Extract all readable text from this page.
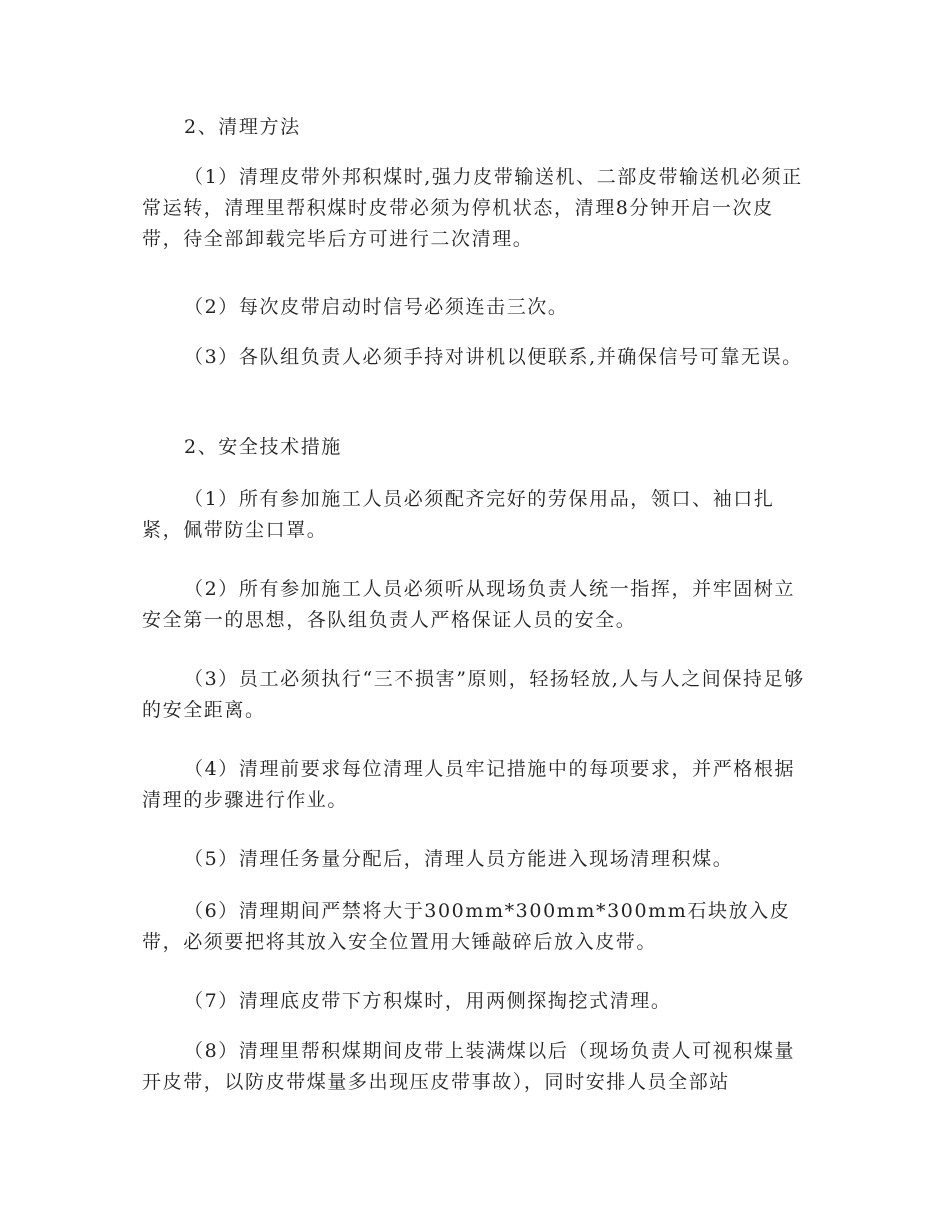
2、清理方法

（1）清理皮带外邦积煤时,强力皮带输送机、二部皮带输送机必须正常运转，清理里帮积煤时皮带必须为停机状态，清理8分钟开启一次皮带，待全部卸载完毕后方可进行二次清理。

（2）每次皮带启动时信号必须连击三次。

（3）各队组负责人必须手持对讲机以便联系,并确保信号可靠无误。

2、安全技术措施

（1）所有参加施工人员必须配齐完好的劳保用品，领口、袖口扎紧，佩带防尘口罩。

（2）所有参加施工人员必须听从现场负责人统一指挥，并牢固树立安全第一的思想，各队组负责人严格保证人员的安全。

（3）员工必须执行“三不损害”原则，轻扬轻放,人与人之间保持足够的安全距离。

（4）清理前要求每位清理人员牢记措施中的每项要求，并严格根据清理的步骤进行作业。

（5）清理任务量分配后，清理人员方能进入现场清理积煤。

（6）清理期间严禁将大于300mm*300mm*300mm石块放入皮带，必须要把将其放入安全位置用大锤敲碎后放入皮带。

（7）清理底皮带下方积煤时，用两侧探掏挖式清理。

（8）清理里帮积煤期间皮带上装满煤以后（现场负责人可视积煤量开皮带，以防皮带煤量多出现压皮带事故），同时安排人员全部站
